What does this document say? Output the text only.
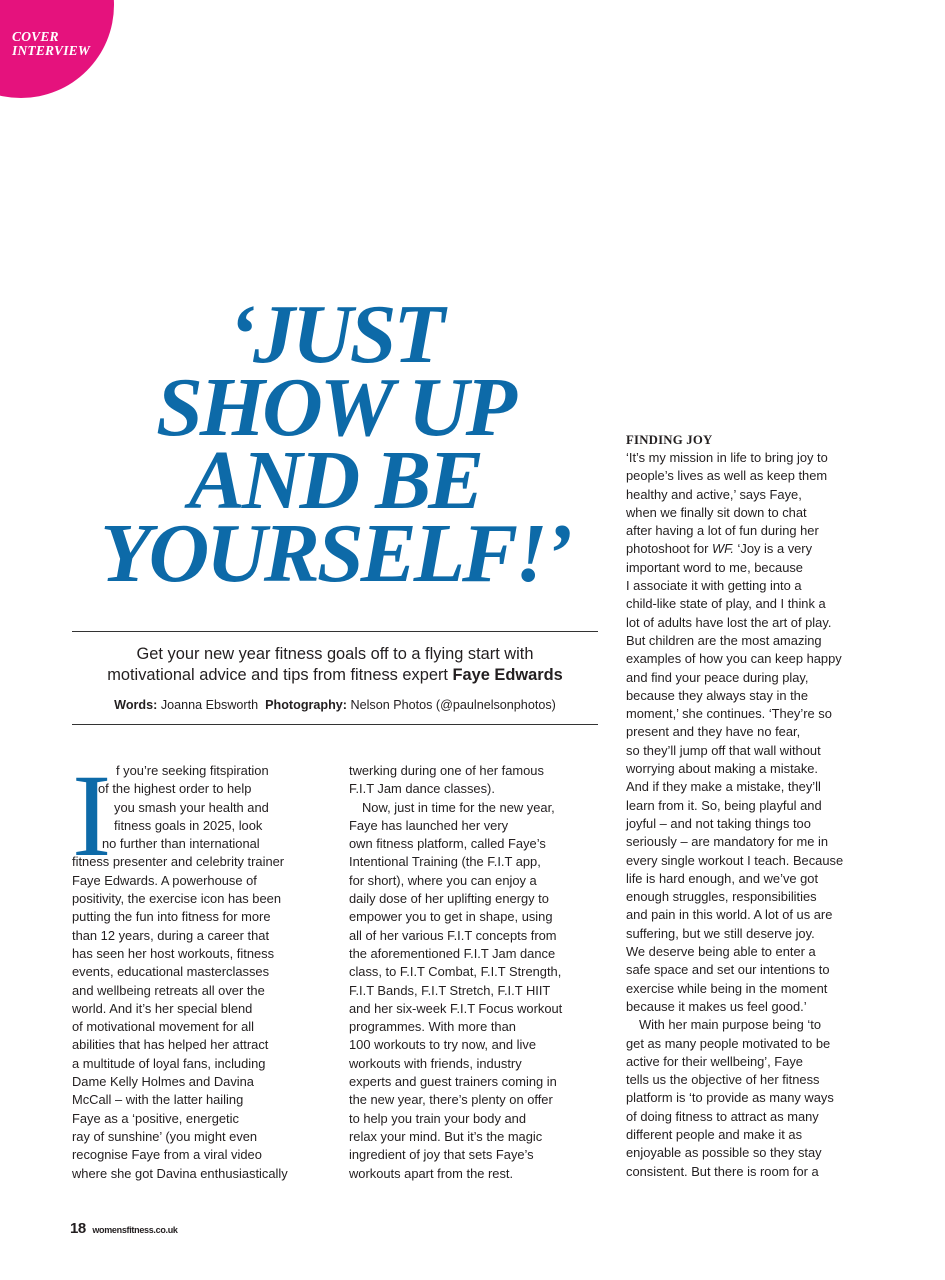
COVER
INTERVIEW
‘JUST
SHOW UP
AND BE
YOURSELF!’
Get your new year fitness goals off to a flying start with
motivational advice and tips from fitness expert Faye Edwards
Words: Joanna Ebsworth Photography: Nelson Photos (@paulnelsonphotos)
I f you’re seeking fitspiration
of the highest order to help
you smash your health and
fitness goals in 2025, look
no further than international
fitness presenter and celebrity trainer
Faye Edwards. A powerhouse of
positivity, the exercise icon has been
putting the fun into fitness for more
than 12 years, during a career that
has seen her host workouts, fitness
events, educational masterclasses
and wellbeing retreats all over the
world. And it’s her special blend
of motivational movement for all
abilities that has helped her attract
a multitude of loyal fans, including
Dame Kelly Holmes and Davina
McCall – with the latter hailing
Faye as a ‘positive, energetic
ray of sunshine’ (you might even
recognise Faye from a viral video
where she got Davina enthusiastically
twerking during one of her famous
F.I.T Jam dance classes).
Now, just in time for the new year,
Faye has launched her very
own fitness platform, called Faye’s
Intentional Training (the F.I.T app,
for short), where you can enjoy a
daily dose of her uplifting energy to
empower you to get in shape, using
all of her various F.I.T concepts from
the aforementioned F.I.T Jam dance
class, to F.I.T Combat, F.I.T Strength,
F.I.T Bands, F.I.T Stretch, F.I.T HIIT
and her six-week F.I.T Focus workout
programmes. With more than
100 workouts to try now, and live
workouts with friends, industry
experts and guest trainers coming in
the new year, there’s plenty on offer
to help you train your body and
relax your mind. But it’s the magic
ingredient of joy that sets Faye’s
workouts apart from the rest.
FINDING JOY
‘It’s my mission in life to bring joy to
people’s lives as well as keep them
healthy and active,’ says Faye,
when we finally sit down to chat
after having a lot of fun during her
photoshoot for WF. ‘Joy is a very
important word to me, because
I associate it with getting into a
child-like state of play, and I think a
lot of adults have lost the art of play.
But children are the most amazing
examples of how you can keep happy
and find your peace during play,
because they always stay in the
moment,’ she continues. ‘They’re so
present and they have no fear,
so they’ll jump off that wall without
worrying about making a mistake.
And if they make a mistake, they’ll
learn from it. So, being playful and
joyful – and not taking things too
seriously – are mandatory for me in
every single workout I teach. Because
life is hard enough, and we’ve got
enough struggles, responsibilities
and pain in this world. A lot of us are
suffering, but we still deserve joy.
We deserve being able to enter a
safe space and set our intentions to
exercise while being in the moment
because it makes us feel good.’
With her main purpose being ‘to
get as many people motivated to be
active for their wellbeing’, Faye
tells us the objective of her fitness
platform is ‘to provide as many ways
of doing fitness to attract as many
different people and make it as
enjoyable as possible so they stay
consistent. But there is room for a
18 womensfitness.co.uk
